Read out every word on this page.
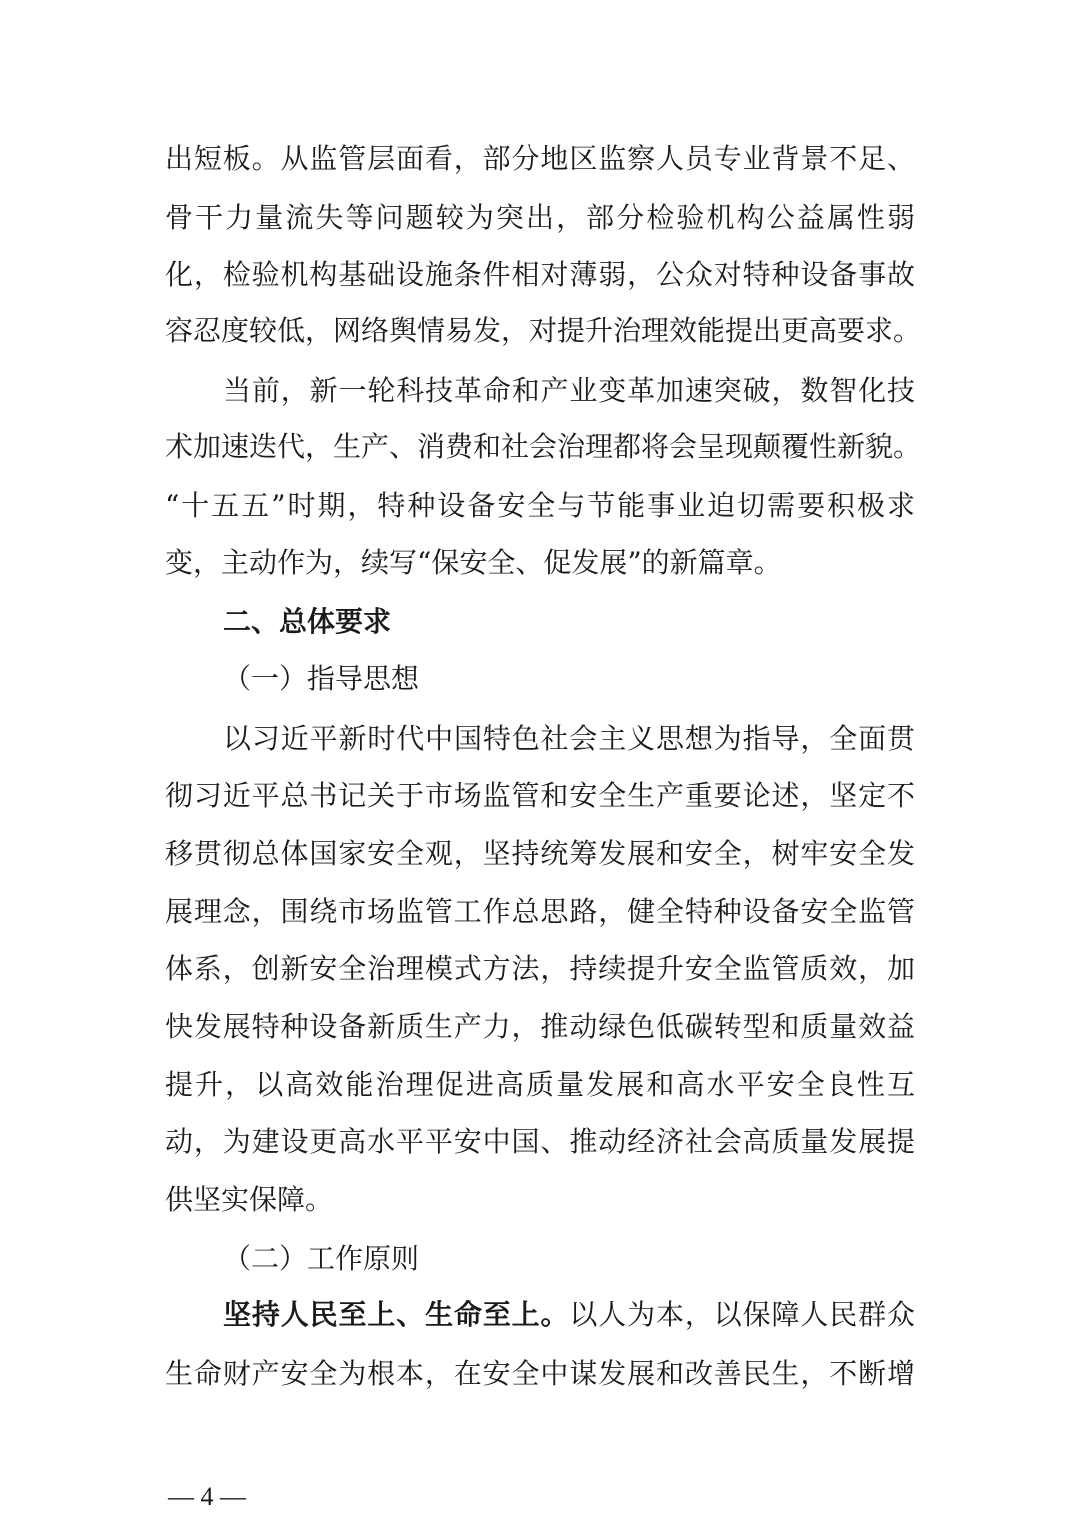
出短板。从监管层面看，部分地区监察人员专业背景不足、
骨干力量流失等问题较为突出，部分检验机构公益属性弱
化，检验机构基础设施条件相对薄弱，公众对特种设备事故
容忍度较低，网络舆情易发，对提升治理效能提出更高要求。
当前，新一轮科技革命和产业变革加速突破，数智化技
术加速迭代，生产、消费和社会治理都将会呈现颠覆性新貌。
“十五五”时期，特种设备安全与节能事业迫切需要积极求
变，主动作为，续写“保安全、促发展”的新篇章。
二、总体要求
（一）指导思想
以习近平新时代中国特色社会主义思想为指导，全面贯
彻习近平总书记关于市场监管和安全生产重要论述，坚定不
移贯彻总体国家安全观，坚持统筹发展和安全，树牢安全发
展理念，围绕市场监管工作总思路，健全特种设备安全监管
体系，创新安全治理模式方法，持续提升安全监管质效，加
快发展特种设备新质生产力，推动绿色低碳转型和质量效益
提升，以高效能治理促进高质量发展和高水平安全良性互
动，为建设更高水平平安中国、推动经济社会高质量发展提
供坚实保障。
（二）工作原则
坚持人民至上、生命至上。以人为本，以保障人民群众
生命财产安全为根本，在安全中谋发展和改善民生，不断增
— 4 —
